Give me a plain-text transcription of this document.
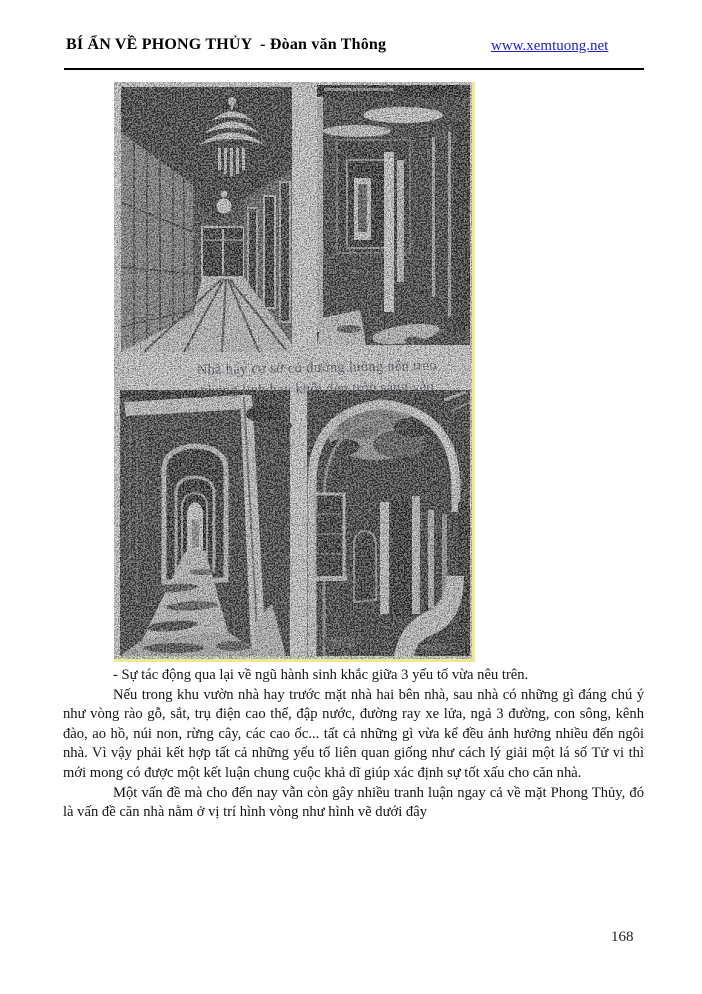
BÍ ẨN VỀ PHONG THỦY  - Đòan văn Thông	www.xemtuong.net

- Sự tác động qua lại về ngũ hành sinh khắc giữa 3 yếu tố vừa nêu trên.

Nếu trong khu vườn nhà hay trước mặt nhà hai bên nhà, sau nhà có những gì đáng chú ý như vòng rào gỗ, sắt, trụ điện cao thế, đập nước, đường ray xe lửa, ngả 3 đường, con sông, kênh đào, ao hồ, núi non, rừng cây, các cao ốc... tất cả những gì vừa kể đều ảnh hưởng nhiều đến ngôi nhà. Vì vậy phải kết hợp tất cả những yếu tố liên quan giống như cách lý giải một lá số Tử vi thì mới mong có được một kết luận chung cuộc khả dĩ giúp xác định sự tốt xấu cho căn nhà.

Một vấn đề mà cho đến nay vẫn còn gây nhiều tranh luận ngay cả về mặt Phong Thủy, đó là vấn đề căn nhà nằm ở vị trí hình vòng như hình vẽ dưới đây

168
